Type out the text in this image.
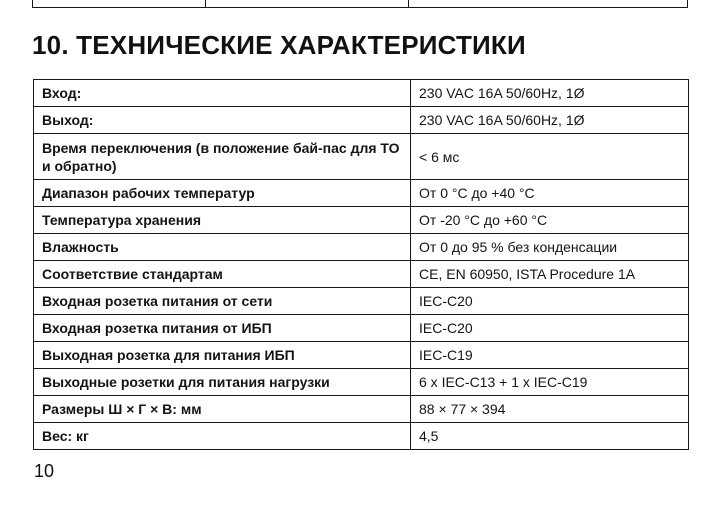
10. ТЕХНИЧЕСКИЕ ХАРАКТЕРИСТИКИ
Вход:	230 VAC 16A 50/60Hz, 1Ø
Выход:	230 VAC 16A 50/60Hz, 1Ø
Время переключения (в положение бай-пас для ТО и обратно)	< 6 мс
Диапазон рабочих температур	От 0 °C до +40 °C
Температура хранения	От -20 °C до +60 °C
Влажность	От 0 до 95 % без конденсации
Соответствие стандартам	CE, EN 60950, ISTA Procedure 1A
Входная розетка питания от сети	IEC-C20
Входная розетка питания от ИБП	IEC-C20
Выходная розетка для питания ИБП	IEC-C19
Выходные розетки для питания нагрузки	6 x IEC-C13 + 1 x IEC-C19
Размеры Ш × Г × В: мм	88 × 77 × 394
Вес: кг	4,5
10
